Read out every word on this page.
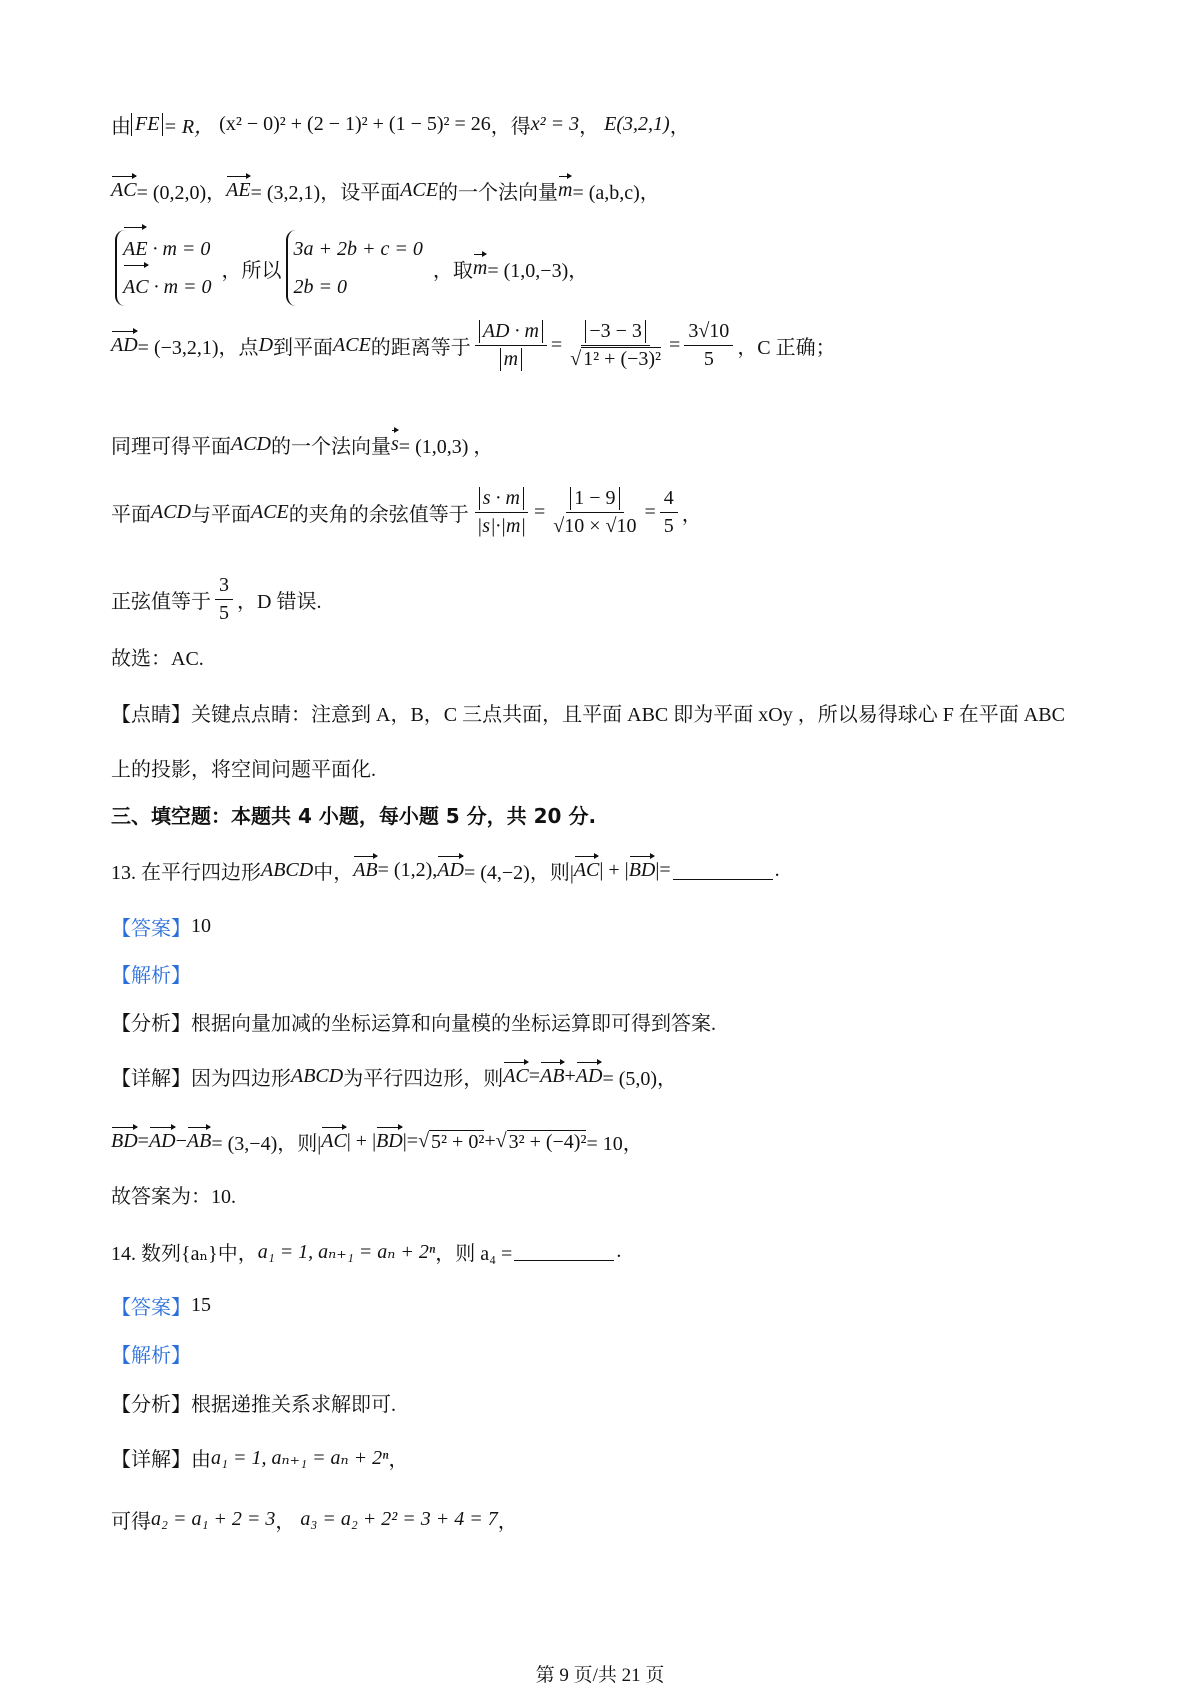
由 FE = R，
(x² − 0)² + (2 − 1)² + (1 − 5)² = 26 ，得 x² = 3 ，
E(3,2,1) ，
AC = (0,2,0)， AE = (3,2,1)，设平面 ACE 的一个法向量 m = (a,b,c)，
AE · m = 0
AC · m = 0
，所以
3a + 2b + c = 0
2b = 0
，取 m = (1,0,−3)，
AD = (−3,2,1)，点 D 到平面 ACE 的距离等于 $\frac{AD \cdot m}{m} = \frac{-3 - 3}{\text{√ 1² + (−3)²}} = \frac{3√10}{5}$ ，C 正确；
同理可得平面 ACD 的一个法向量 s = (1,0,3) ，
平面 ACD 与平面 ACE 的夹角的余弦值等于 $\frac{s \cdot m}{|s|\cdot|m|} = \frac{1 - 9}{√10 \times √10} = \frac{4}{5}$ ，
正弦值等于 $\frac{3}{5}$ ，D 错误.
故选：AC.
【点睛】关键点点睛：注意到 A，B，C 三点共面，且平面 ABC 即为平面 xOy ，所以易得球心 F 在平面 ABC
上的投影，将空间问题平面化.
三、填空题：本题共 4 小题，每小题 5 分，共 20 分.
13. 在平行四边形 ABCD 中， AB = (1,2), AD = (4,−2)，则| AC | + | BD |=	.
【答案】 10
【解析】
【分析】根据向量加减的坐标运算和向量模的坐标运算即可得到答案.
【详解】因为四边形 ABCD 为平行四边形，则 AC = AB + AD = (5,0)，
BD = AD − AB = (3,−4)，则| AC | + | BD |= √ 5² + 0² + √ 3² + (−4)² = 10，
故答案为：10.
14. 数列{aₙ}中， a₁ = 1, aₙ₊₁ = aₙ + 2ⁿ ，则 a₄ =	.
【答案】 15
【解析】
【分析】根据递推关系求解即可.
【详解】由 a₁ = 1, aₙ₊₁ = aₙ + 2ⁿ ，
可得 a₂ = a₁ + 2 = 3 ，
a₃ = a₂ + 2² = 3 + 4 = 7 ，
第 9 页/共 21 页
